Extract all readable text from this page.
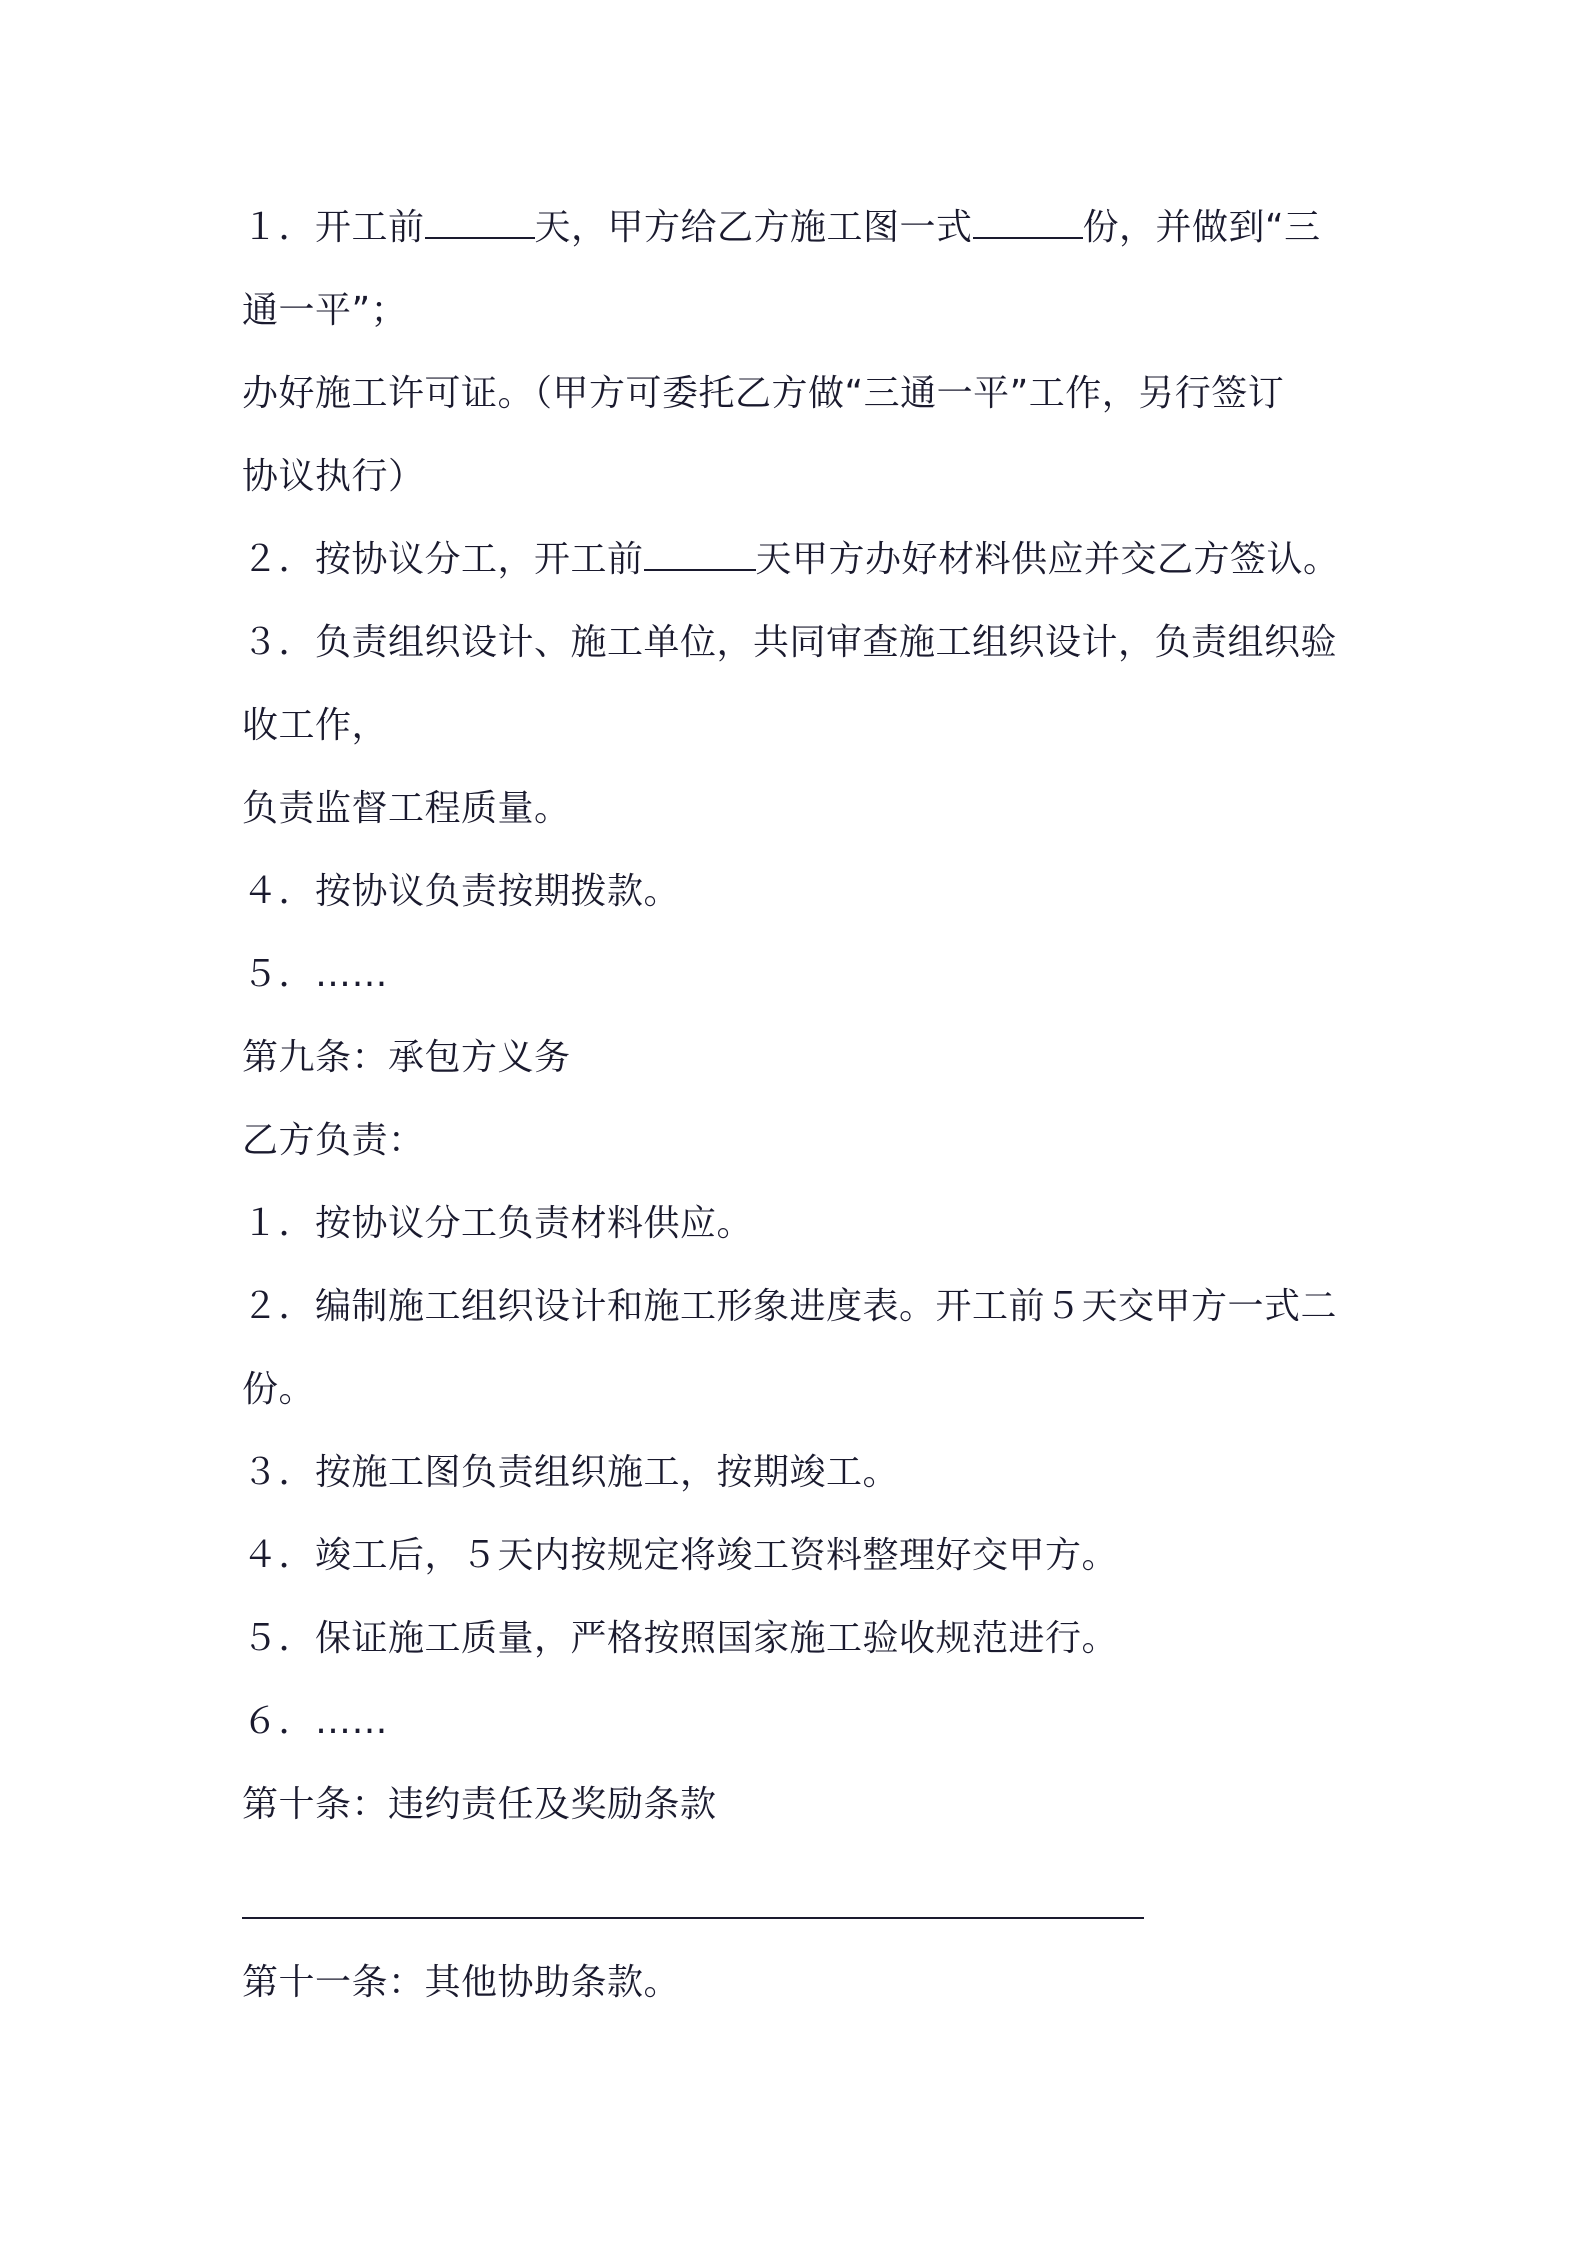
１．开工前	天，甲方给乙方施工图一式	份，并做到“三
通一平”；
办好施工许可证。（甲方可委托乙方做“三通一平”工作，另行签订
协议执行）
２．按协议分工，开工前	天甲方办好材料供应并交乙方签认。
３．负责组织设计、施工单位，共同审查施工组织设计，负责组织验
收工作，
负责监督工程质量。
４．按协议负责按期拨款。
５．……
第九条：承包方义务
乙方负责：
１．按协议分工负责材料供应。
２．编制施工组织设计和施工形象进度表。开工前５天交甲方一式二
份。
３．按施工图负责组织施工，按期竣工。
４．竣工后，５天内按规定将竣工资料整理好交甲方。
５．保证施工质量，严格按照国家施工验收规范进行。
６．……
第十条：违约责任及奖励条款
第十一条：其他协助条款。
